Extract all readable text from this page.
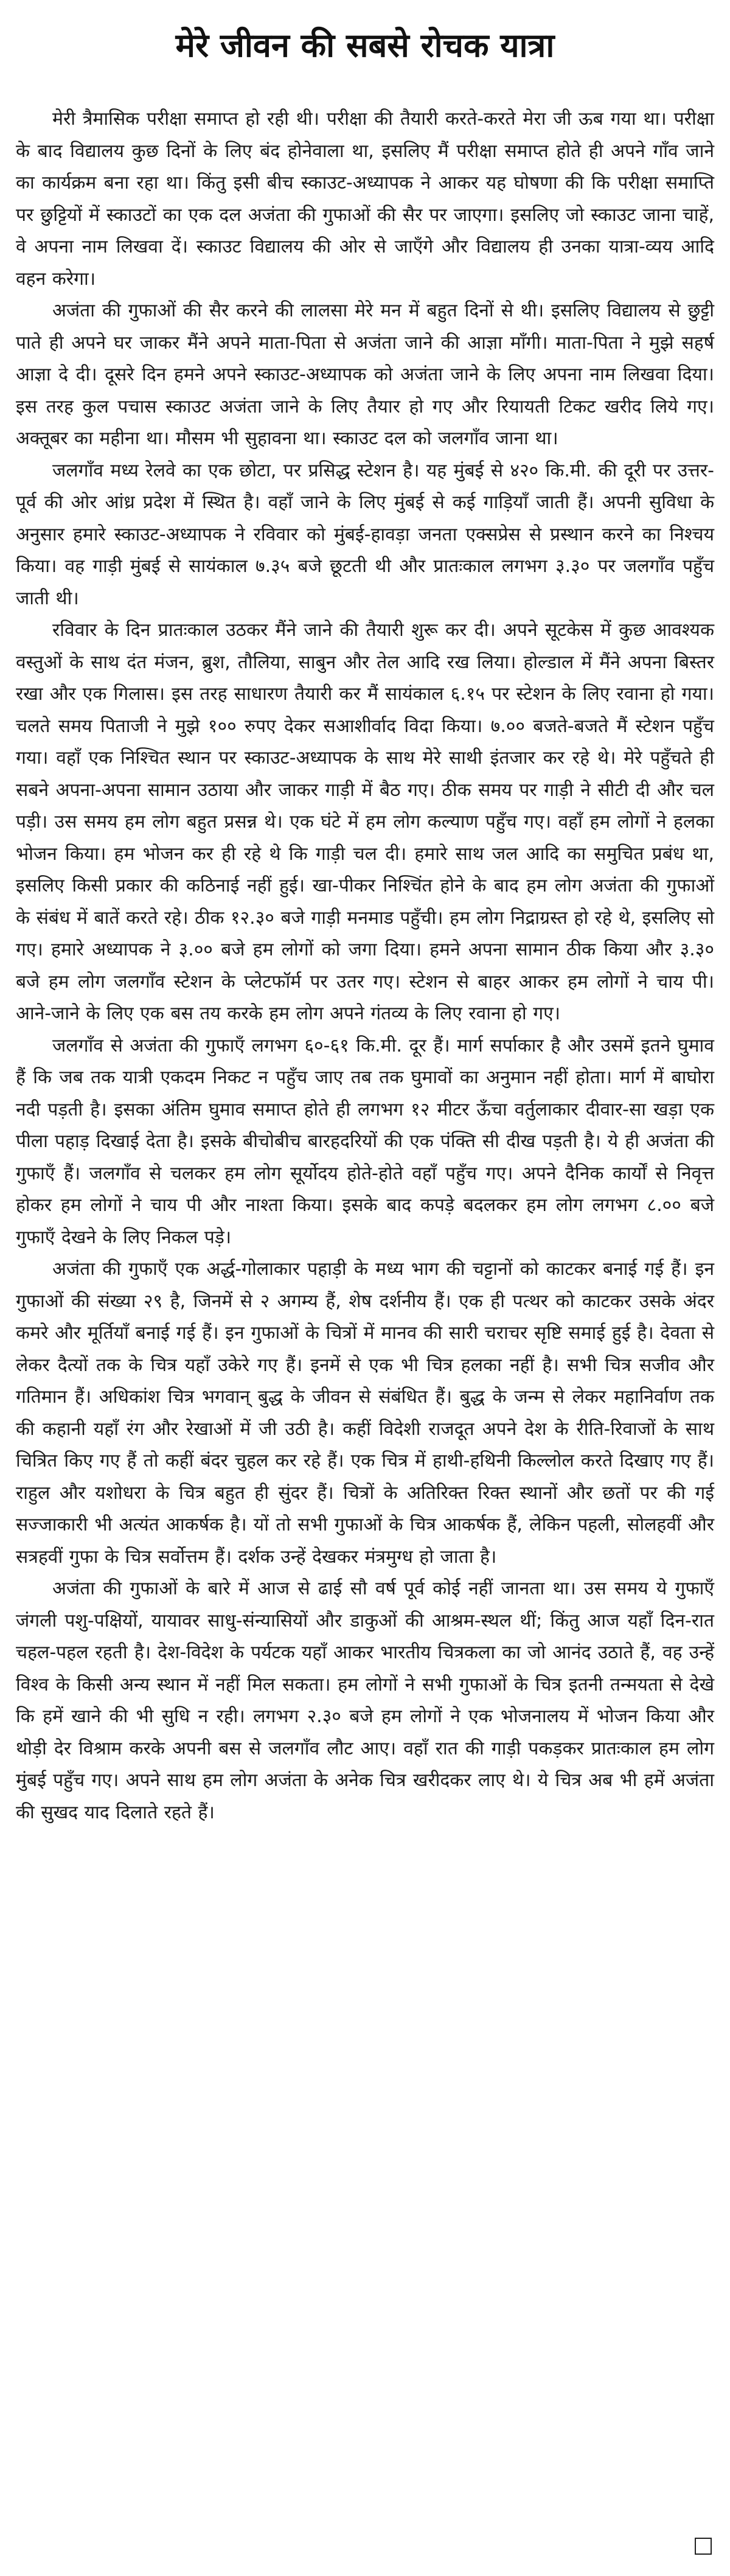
मेरे जीवन की सबसे रोचक यात्रा

मेरी त्रैमासिक परीक्षा समाप्त हो रही थी। परीक्षा की तैयारी करते-करते मेरा जी ऊब गया था। परीक्षा के बाद विद्यालय कुछ दिनों के लिए बंद होनेवाला था, इसलिए मैं परीक्षा समाप्त होते ही अपने गाँव जाने का कार्यक्रम बना रहा था। किंतु इसी बीच स्काउट-अध्यापक ने आकर यह घोषणा की कि परीक्षा समाप्ति पर छुट्टियों में स्काउटों का एक दल अजंता की गुफाओं की सैर पर जाएगा। इसलिए जो स्काउट जाना चाहें, वे अपना नाम लिखवा दें। स्काउट विद्यालय की ओर से जाएँगे और विद्यालय ही उनका यात्रा-व्यय आदि वहन करेगा।

अजंता की गुफाओं की सैर करने की लालसा मेरे मन में बहुत दिनों से थी। इसलिए विद्यालय से छुट्टी पाते ही अपने घर जाकर मैंने अपने माता-पिता से अजंता जाने की आज्ञा माँगी। माता-पिता ने मुझे सहर्ष आज्ञा दे दी। दूसरे दिन हमने अपने स्काउट-अध्यापक को अजंता जाने के लिए अपना नाम लिखवा दिया। इस तरह कुल पचास स्काउट अजंता जाने के लिए तैयार हो गए और रियायती टिकट खरीद लिये गए। अक्तूबर का महीना था। मौसम भी सुहावना था। स्काउट दल को जलगाँव जाना था।

जलगाँव मध्य रेलवे का एक छोटा, पर प्रसिद्ध स्टेशन है। यह मुंबई से ४२० कि.मी. की दूरी पर उत्तर-पूर्व की ओर आंध्र प्रदेश में स्थित है। वहाँ जाने के लिए मुंबई से कई गाड़ियाँ जाती हैं। अपनी सुविधा के अनुसार हमारे स्काउट-अध्यापक ने रविवार को मुंबई-हावड़ा जनता एक्सप्रेस से प्रस्थान करने का निश्चय किया। वह गाड़ी मुंबई से सायंकाल ७.३५ बजे छूटती थी और प्रातःकाल लगभग ३.३० पर जलगाँव पहुँच जाती थी।

रविवार के दिन प्रातःकाल उठकर मैंने जाने की तैयारी शुरू कर दी। अपने सूटकेस में कुछ आवश्यक वस्तुओं के साथ दंत मंजन, ब्रुश, तौलिया, साबुन और तेल आदि रख लिया। होल्डाल में मैंने अपना बिस्तर रखा और एक गिलास। इस तरह साधारण तैयारी कर मैं सायंकाल ६.१५ पर स्टेशन के लिए रवाना हो गया। चलते समय पिताजी ने मुझे १०० रुपए देकर सआशीर्वाद विदा किया। ७.०० बजते-बजते मैं स्टेशन पहुँच गया। वहाँ एक निश्चित स्थान पर स्काउट-अध्यापक के साथ मेरे साथी इंतजार कर रहे थे। मेरे पहुँचते ही सबने अपना-अपना सामान उठाया और जाकर गाड़ी में बैठ गए। ठीक समय पर गाड़ी ने सीटी दी और चल पड़ी। उस समय हम लोग बहुत प्रसन्न थे। एक घंटे में हम लोग कल्याण पहुँच गए। वहाँ हम लोगों ने हलका भोजन किया। हम भोजन कर ही रहे थे कि गाड़ी चल दी। हमारे साथ जल आदि का समुचित प्रबंध था, इसलिए किसी प्रकार की कठिनाई नहीं हुई। खा-पीकर निश्चिंत होने के बाद हम लोग अजंता की गुफाओं के संबंध में बातें करते रहे। ठीक १२.३० बजे गाड़ी मनमाड पहुँची। हम लोग निद्राग्रस्त हो रहे थे, इसलिए सो गए। हमारे अध्यापक ने ३.०० बजे हम लोगों को जगा दिया। हमने अपना सामान ठीक किया और ३.३० बजे हम लोग जलगाँव स्टेशन के प्लेटफॉर्म पर उतर गए। स्टेशन से बाहर आकर हम लोगों ने चाय पी। आने-जाने के लिए एक बस तय करके हम लोग अपने गंतव्य के लिए रवाना हो गए।

जलगाँव से अजंता की गुफाएँ लगभग ६०-६१ कि.मी. दूर हैं। मार्ग सर्पाकार है और उसमें इतने घुमाव हैं कि जब तक यात्री एकदम निकट न पहुँच जाए तब तक घुमावों का अनुमान नहीं होता। मार्ग में बाघोरा नदी पड़ती है। इसका अंतिम घुमाव समाप्त होते ही लगभग १२ मीटर ऊँचा वर्तुलाकार दीवार-सा खड़ा एक पीला पहाड़ दिखाई देता है। इसके बीचोबीच बारहदरियों की एक पंक्ति सी दीख पड़ती है। ये ही अजंता की गुफाएँ हैं। जलगाँव से चलकर हम लोग सूर्योदय होते-होते वहाँ पहुँच गए। अपने दैनिक कार्यों से निवृत्त होकर हम लोगों ने चाय पी और नाश्ता किया। इसके बाद कपड़े बदलकर हम लोग लगभग ८.०० बजे गुफाएँ देखने के लिए निकल पड़े।

अजंता की गुफाएँ एक अर्द्ध-गोलाकार पहाड़ी के मध्य भाग की चट्टानों को काटकर बनाई गई हैं। इन गुफाओं की संख्या २९ है, जिनमें से २ अगम्य हैं, शेष दर्शनीय हैं। एक ही पत्थर को काटकर उसके अंदर कमरे और मूर्तियाँ बनाई गई हैं। इन गुफाओं के चित्रों में मानव की सारी चराचर सृष्टि समाई हुई है। देवता से लेकर दैत्यों तक के चित्र यहाँ उकेरे गए हैं। इनमें से एक भी चित्र हलका नहीं है। सभी चित्र सजीव और गतिमान हैं। अधिकांश चित्र भगवान् बुद्ध के जीवन से संबंधित हैं। बुद्ध के जन्म से लेकर महानिर्वाण तक की कहानी यहाँ रंग और रेखाओं में जी उठी है। कहीं विदेशी राजदूत अपने देश के रीति-रिवाजों के साथ चित्रित किए गए हैं तो कहीं बंदर चुहल कर रहे हैं। एक चित्र में हाथी-हथिनी किल्लोल करते दिखाए गए हैं। राहुल और यशोधरा के चित्र बहुत ही सुंदर हैं। चित्रों के अतिरिक्त रिक्त स्थानों और छतों पर की गई सज्जाकारी भी अत्यंत आकर्षक है। यों तो सभी गुफाओं के चित्र आकर्षक हैं, लेकिन पहली, सोलहवीं और सत्रहवीं गुफा के चित्र सर्वोत्तम हैं। दर्शक उन्हें देखकर मंत्रमुग्ध हो जाता है।

अजंता की गुफाओं के बारे में आज से ढाई सौ वर्ष पूर्व कोई नहीं जानता था। उस समय ये गुफाएँ जंगली पशु-पक्षियों, यायावर साधु-संन्यासियों और डाकुओं की आश्रम-स्थल थीं; किंतु आज यहाँ दिन-रात चहल-पहल रहती है। देश-विदेश के पर्यटक यहाँ आकर भारतीय चित्रकला का जो आनंद उठाते हैं, वह उन्हें विश्व के किसी अन्य स्थान में नहीं मिल सकता। हम लोगों ने सभी गुफाओं के चित्र इतनी तन्मयता से देखे कि हमें खाने की भी सुधि न रही। लगभग २.३० बजे हम लोगों ने एक भोजनालय में भोजन किया और थोड़ी देर विश्राम करके अपनी बस से जलगाँव लौट आए। वहाँ रात की गाड़ी पकड़कर प्रातःकाल हम लोग मुंबई पहुँच गए। अपने साथ हम लोग अजंता के अनेक चित्र खरीदकर लाए थे। ये चित्र अब भी हमें अजंता की सुखद याद दिलाते रहते हैं।
